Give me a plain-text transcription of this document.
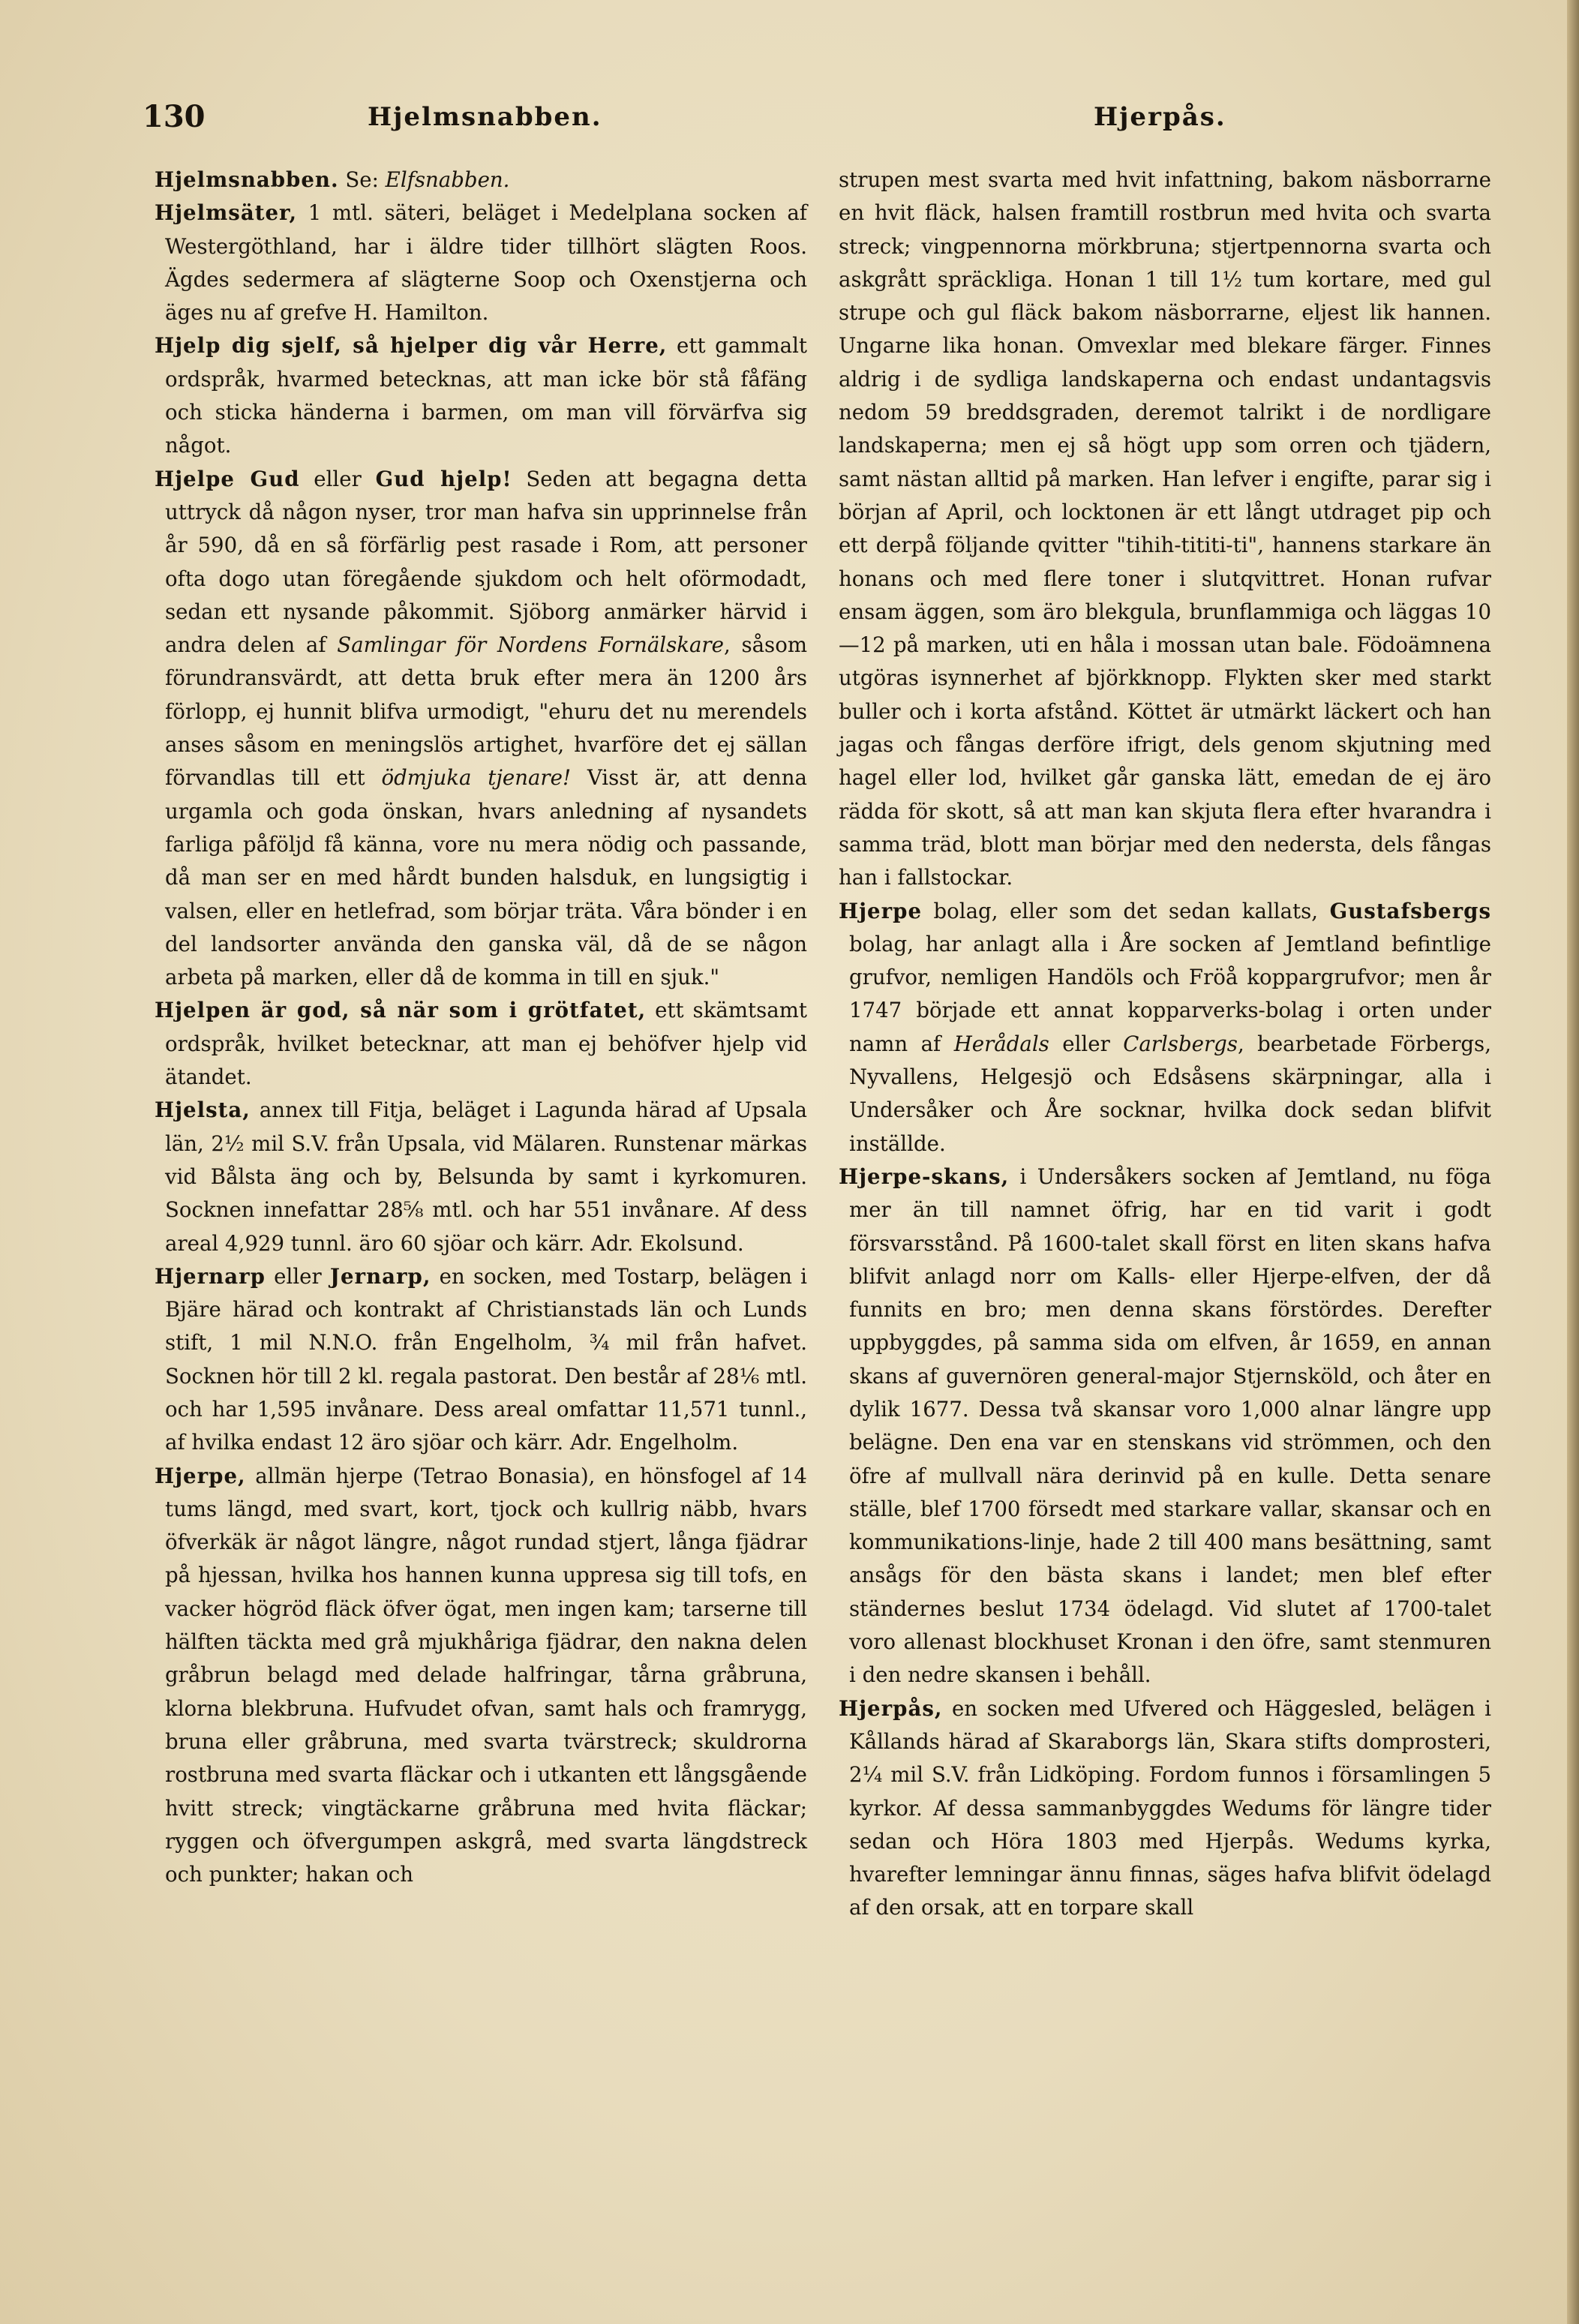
130	Hjelmsnabben.	Hjerpås.

Hjelmsnabben. Se: Elfsnabben.

Hjelmsäter, 1 mtl. säteri, beläget i Medelplana socken af Westergöthland, har i äldre tider tillhört slägten Roos. Ägdes sedermera af slägterne Soop och Oxenstjerna och äges nu af grefve H. Hamilton.

Hjelp dig sjelf, så hjelper dig vår Herre, ett gammalt ordspråk, hvarmed betecknas, att man icke bör stå fåfäng och sticka händerna i barmen, om man vill förvärfva sig något.

Hjelpe Gud eller Gud hjelp! Seden att begagna detta uttryck då någon nyser, tror man hafva sin upprinnelse från år 590, då en så förfärlig pest rasade i Rom, att personer ofta dogo utan föregående sjukdom och helt oförmodadt, sedan ett nysande påkommit. Sjöborg anmärker härvid i andra delen af Samlingar för Nordens Fornälskare, såsom förundransvärdt, att detta bruk efter mera än 1200 års förlopp, ej hunnit blifva urmodigt, "ehuru det nu merendels anses såsom en meningslös artighet, hvarföre det ej sällan förvandlas till ett ödmjuka tjenare! Visst är, att denna urgamla och goda önskan, hvars anledning af nysandets farliga påföljd få känna, vore nu mera nödig och passande, då man ser en med hårdt bunden halsduk, en lungsigtig i valsen, eller en hetlefrad, som börjar träta. Våra bönder i en del landsorter använda den ganska väl, då de se någon arbeta på marken, eller då de komma in till en sjuk."

Hjelpen är god, så när som i grötfatet, ett skämtsamt ordspråk, hvilket betecknar, att man ej behöfver hjelp vid ätandet.

Hjelsta, annex till Fitja, beläget i Lagunda härad af Upsala län, 2½ mil S.V. från Upsala, vid Mälaren. Runstenar märkas vid Bålsta äng och by, Belsunda by samt i kyrkomuren. Socknen innefattar 28⅝ mtl. och har 551 invånare. Af dess areal 4,929 tunnl. äro 60 sjöar och kärr. Adr. Ekolsund.

Hjernarp eller Jernarp, en socken, med Tostarp, belägen i Bjäre härad och kontrakt af Christianstads län och Lunds stift, 1 mil N.N.O. från Engelholm, ¾ mil från hafvet. Socknen hör till 2 kl. regala pastorat. Den består af 28⅙ mtl. och har 1,595 invånare. Dess areal omfattar 11,571 tunnl., af hvilka endast 12 äro sjöar och kärr. Adr. Engelholm.

Hjerpe, allmän hjerpe (Tetrao Bonasia), en hönsfogel af 14 tums längd, med svart, kort, tjock och kullrig näbb, hvars öfverkäk är något längre, något rundad stjert, långa fjädrar på hjessan, hvilka hos hannen kunna uppresa sig till tofs, en vacker högröd fläck öfver ögat, men ingen kam; tarserne till hälften täckta med grå mjukhåriga fjädrar, den nakna delen gråbrun belagd med delade halfringar, tårna gråbruna, klorna blekbruna. Hufvudet ofvan, samt hals och framrygg, bruna eller gråbruna, med svarta tvärstreck; skuldrorna rostbruna med svarta fläckar och i utkanten ett långsgående hvitt streck; vingtäckarne gråbruna med hvita fläckar; ryggen och öfvergumpen askgrå, med svarta längdstreck och punkter; hakan och

strupen mest svarta med hvit infattning, bakom näsborrarne en hvit fläck, halsen framtill rostbrun med hvita och svarta streck; vingpennorna mörkbruna; stjertpennorna svarta och askgrått spräckliga. Honan 1 till 1½ tum kortare, med gul strupe och gul fläck bakom näsborrarne, eljest lik hannen. Ungarne lika honan. Omvexlar med blekare färger. Finnes aldrig i de sydliga landskaperna och endast undantagsvis nedom 59 breddsgraden, deremot talrikt i de nordligare landskaperna; men ej så högt upp som orren och tjädern, samt nästan alltid på marken. Han lefver i engifte, parar sig i början af April, och locktonen är ett långt utdraget pip och ett derpå följande qvitter "tihih-tititi-ti", hannens starkare än honans och med flere toner i slutqvittret. Honan rufvar ensam äggen, som äro blekgula, brunflammiga och läggas 10—12 på marken, uti en håla i mossan utan bale. Födoämnena utgöras isynnerhet af björkknopp. Flykten sker med starkt buller och i korta afstånd. Köttet är utmärkt läckert och han jagas och fångas derföre ifrigt, dels genom skjutning med hagel eller lod, hvilket går ganska lätt, emedan de ej äro rädda för skott, så att man kan skjuta flera efter hvarandra i samma träd, blott man börjar med den nedersta, dels fångas han i fallstockar.

Hjerpe bolag, eller som det sedan kallats, Gustafsbergs bolag, har anlagt alla i Åre socken af Jemtland befintlige grufvor, nemligen Handöls och Fröå koppargrufvor; men år 1747 började ett annat kopparverks-bolag i orten under namn af Herådals eller Carlsbergs, bearbetade Förbergs, Nyvallens, Helgesjö och Edsåsens skärpningar, alla i Undersåker och Åre socknar, hvilka dock sedan blifvit inställde.

Hjerpe-skans, i Undersåkers socken af Jemtland, nu föga mer än till namnet öfrig, har en tid varit i godt försvarsstånd. På 1600-talet skall först en liten skans hafva blifvit anlagd norr om Kalls- eller Hjerpe-elfven, der då funnits en bro; men denna skans förstördes. Derefter uppbyggdes, på samma sida om elfven, år 1659, en annan skans af guvernören general-major Stjernsköld, och åter en dylik 1677. Dessa två skansar voro 1,000 alnar längre upp belägne. Den ena var en stenskans vid strömmen, och den öfre af mullvall nära derinvid på en kulle. Detta senare ställe, blef 1700 försedt med starkare vallar, skansar och en kommunikations-linje, hade 2 till 400 mans besättning, samt ansågs för den bästa skans i landet; men blef efter ständernes beslut 1734 ödelagd. Vid slutet af 1700-talet voro allenast blockhuset Kronan i den öfre, samt stenmuren i den nedre skansen i behåll.

Hjerpås, en socken med Ufvered och Häggesled, belägen i Kållands härad af Skaraborgs län, Skara stifts domprosteri, 2¼ mil S.V. från Lidköping. Fordom funnos i församlingen 5 kyrkor. Af dessa sammanbyggdes Wedums för längre tider sedan och Höra 1803 med Hjerpås. Wedums kyrka, hvarefter lemningar ännu finnas, säges hafva blifvit ödelagd af den orsak, att en torpare skall
